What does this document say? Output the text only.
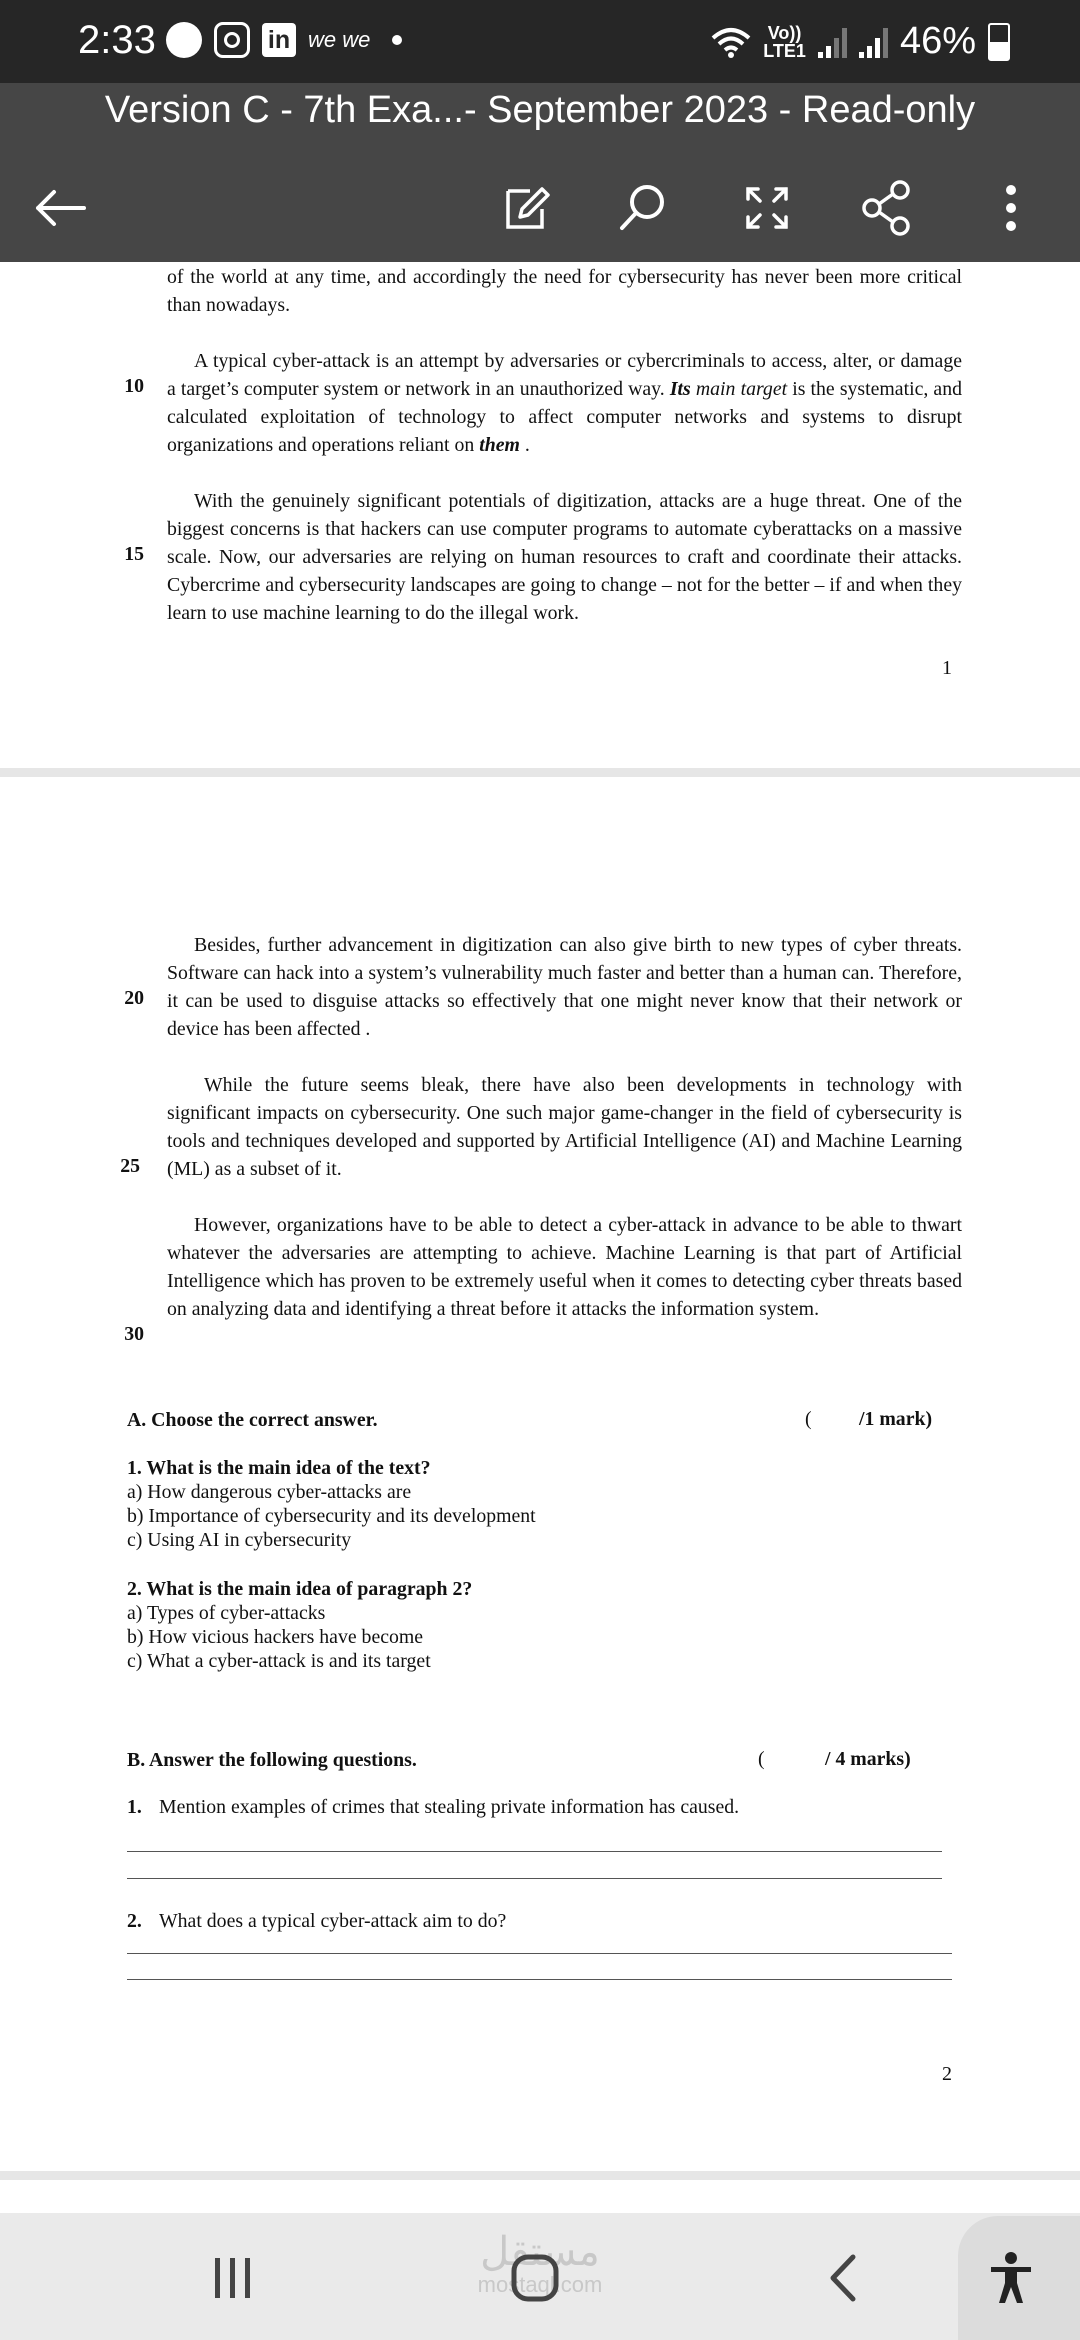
2:33	in we we	Vo))
LTE1 46%
Version C - 7th Exa...- September 2023 - Read-only
of the world at any time, and accordingly the need for cybersecurity has never been more critical than nowadays.
A typical cyber-attack is an attempt by adversaries or cybercriminals to access, alter, or damage a target’s computer system or network in an unauthorized way. Its main target is the systematic, and calculated exploitation of technology to affect computer networks and systems to disrupt organizations and operations reliant on them .
10
With the genuinely significant potentials of digitization, attacks are a huge threat. One of the biggest concerns is that hackers can use computer programs to automate cyberattacks on a massive scale. Now, our adversaries are relying on human resources to craft and coordinate their attacks. Cybercrime and cybersecurity landscapes are going to change – not for the better – if and when they learn to use machine learning to do the illegal work.
15
1
Besides, further advancement in digitization can also give birth to new types of cyber threats. Software can hack into a system’s vulnerability much faster and better than a human can. Therefore, it can be used to disguise attacks so effectively that one might never know that their network or device has been affected .
20
While the future seems bleak, there have also been developments in technology with significant impacts on cybersecurity. One such major game-changer in the field of cybersecurity is tools and techniques developed and supported by Artificial Intelligence (AI) and Machine Learning (ML) as a subset of it.
25
However, organizations have to be able to detect a cyber-attack in advance to be able to thwart whatever the adversaries are attempting to achieve. Machine Learning is that part of Artificial Intelligence which has proven to be extremely useful when it comes to detecting cyber threats based on analyzing data and identifying a threat before it attacks the information system.
30
A. Choose the correct answer.	( /1 mark)
1. What is the main idea of the text?
a) How dangerous cyber-attacks are
b) Importance of cybersecurity and its development
c) Using AI in cybersecurity
2. What is the main idea of paragraph 2?
a) Types of cyber-attacks
b) How vicious hackers have become
c) What a cyber-attack is and its target
B. Answer the following questions.	(	/ 4 marks)
1. Mention examples of crimes that stealing private information has caused.
2. What does a typical cyber-attack aim to do?
2
مستقل
mostaql.com
